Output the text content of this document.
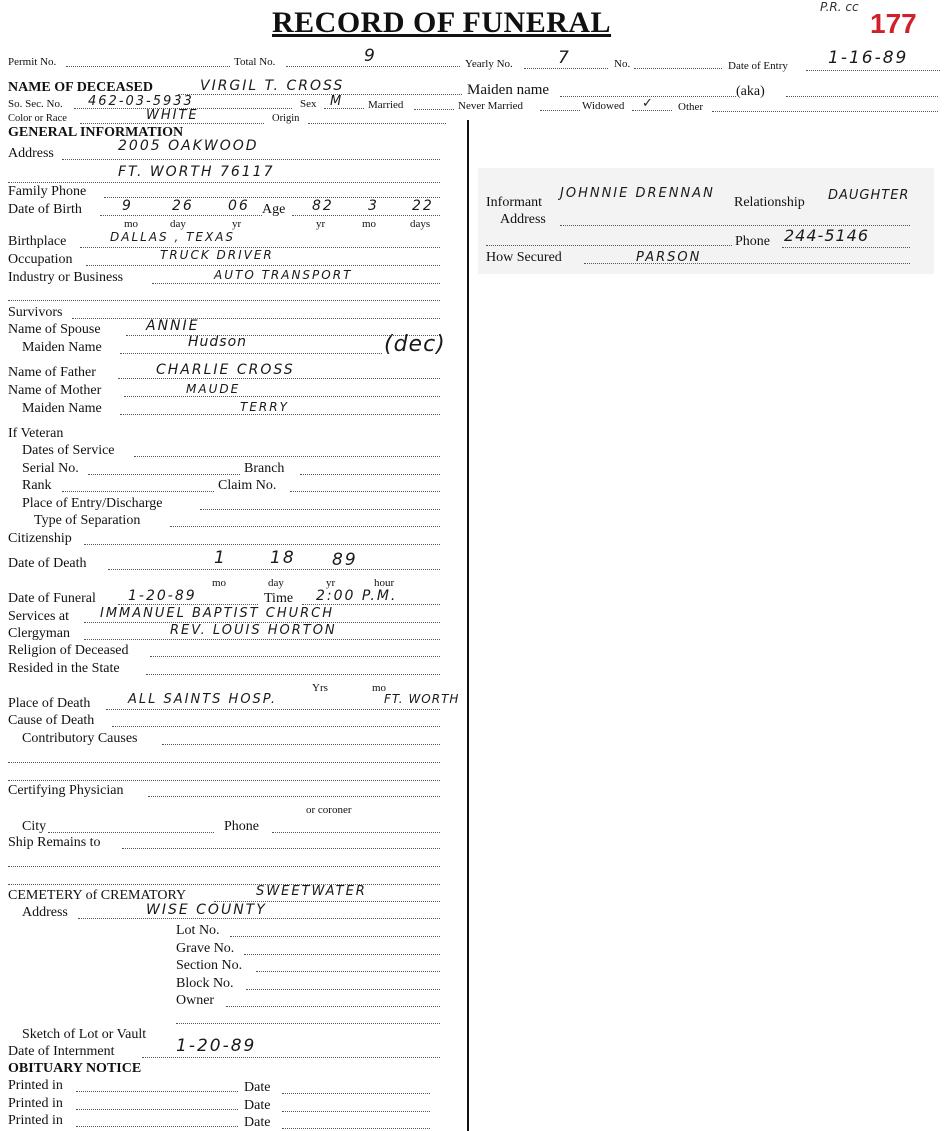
RECORD OF FUNERAL	P.R. cc
177
Permit No.	Total No.	9	Yearly No.	7	No.	Date of Entry 1-16-89
NAME OF DECEASED	VIRGIL T. CROSS	Maiden name	(aka)
So. Sec. No. 462-03-5933	Sex M Married	Never Married	Widowed ✓ Other
Color or Race	WHITE	Origin
GENERAL INFORMATION
Address	2005 OAKWOOD
FT. WORTH 76117
Family Phone
Date of Birth	9	26 06 Age 82 3 22
mo	day	yr	yr	mo	days
Birthplace	DALLAS , TEXAS
Occupation	TRUCK DRIVER
Industry or Business	AUTO TRANSPORT
Survivors
Name of Spouse	ANNIE
Maiden Name	Hudson	(dec)
Name of Father	CHARLIE CROSS
Name of Mother	MAUDE
Maiden Name	TERRY
If Veteran
Dates of Service
Serial No.	Branch
Rank	Claim No.
Place of Entry/Discharge
Type of Separation
Citizenship
Date of Death	1	18 89
mo	day	yr	hour
Date of Funeral 1-20-89	Time 2:00 P.M.
Services at IMMANUEL BAPTIST CHURCH
Clergyman	REV. LOUIS HORTON
Religion of Deceased
Resided in the State
Yrs	mo
Place of Death	ALL SAINTS HOSP.	FT. WORTH
Cause of Death
Contributory Causes
Certifying Physician
or coroner
City	Phone
Ship Remains to
CEMETERY of CREMATORY	SWEETWATER
Address	WISE COUNTY
Lot No.
Grave No.
Section No.
Block No.
Owner
Sketch of Lot or Vault
Date of Internment	1-20-89
OBITUARY NOTICE
Printed in	Date
Printed in	Date
Printed in	Date
Informant
JOHNNIE DRENNAN
Relationship DAUGHTER
Address
Phone 244-5146
How Secured	PARSON
